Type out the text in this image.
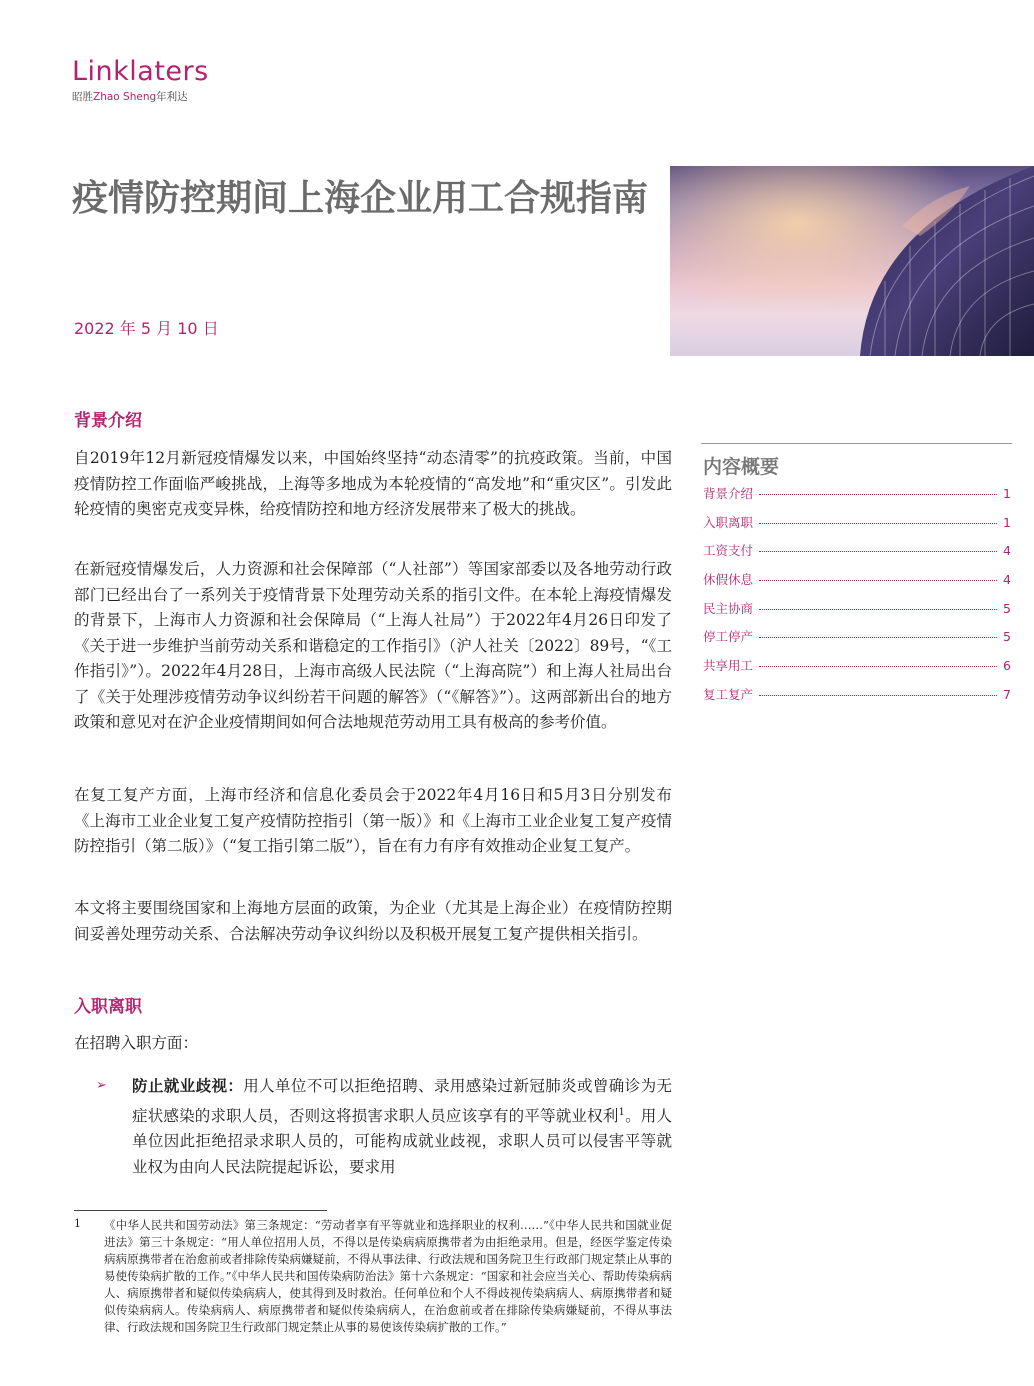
Linklaters
昭胜Zhao Sheng年利达
疫情防控期间上海企业用工合规指南
2022 年 5 月 10 日
背景介绍
自2019年12月新冠疫情爆发以来，中国始终坚持“动态清零”的抗疫政策。当前，中国疫情防控工作面临严峻挑战，上海等多地成为本轮疫情的“高发地”和“重灾区”。引发此轮疫情的奥密克戎变异株，给疫情防控和地方经济发展带来了极大的挑战。
在新冠疫情爆发后，人力资源和社会保障部（“人社部”）等国家部委以及各地劳动行政部门已经出台了一系列关于疫情背景下处理劳动关系的指引文件。在本轮上海疫情爆发的背景下，上海市人力资源和社会保障局（“上海人社局”）于2022年4月26日印发了《关于进一步维护当前劳动关系和谐稳定的工作指引》（沪人社关〔2022〕89号，“《工作指引》”）。2022年4月28日，上海市高级人民法院（“上海高院”）和上海人社局出台了《关于处理涉疫情劳动争议纠纷若干问题的解答》（“《解答》”）。这两部新出台的地方政策和意见对在沪企业疫情期间如何合法地规范劳动用工具有极高的参考价值。
在复工复产方面，上海市经济和信息化委员会于2022年4月16日和5月3日分别发布《上海市工业企业复工复产疫情防控指引（第一版）》和《上海市工业企业复工复产疫情防控指引（第二版）》（“复工指引第二版”），旨在有力有序有效推动企业复工复产。
本文将主要围绕国家和上海地方层面的政策，为企业（尤其是上海企业）在疫情防控期间妥善处理劳动关系、合法解决劳动争议纠纷以及积极开展复工复产提供相关指引。
入职离职
在招聘入职方面：
➢ 防止就业歧视：用人单位不可以拒绝招聘、录用感染过新冠肺炎或曾确诊为无症状感染的求职人员，否则这将损害求职人员应该享有的平等就业权利$^1$。用人单位因此拒绝招录求职人员的，可能构成就业歧视，求职人员可以侵害平等就业权为由向人民法院提起诉讼，要求用
内容概要
背景介绍	1
入职离职	1
工资支付	4
休假休息	4
民主协商	5
停工停产	5
共享用工	6
复工复产	7
1 《中华人民共和国劳动法》第三条规定：“劳动者享有平等就业和选择职业的权利……”《中华人民共和国就业促进法》第三十条规定：“用人单位招用人员，不得以是传染病病原携带者为由拒绝录用。但是，经医学鉴定传染病病原携带者在治愈前或者排除传染病嫌疑前，不得从事法律、行政法规和国务院卫生行政部门规定禁止从事的易使传染病扩散的工作。”《中华人民共和国传染病防治法》第十六条规定：“国家和社会应当关心、帮助传染病病人、病原携带者和疑似传染病病人，使其得到及时救治。任何单位和个人不得歧视传染病病人、病原携带者和疑似传染病病人。传染病病人、病原携带者和疑似传染病病人，在治愈前或者在排除传染病嫌疑前，不得从事法律、行政法规和国务院卫生行政部门规定禁止从事的易使该传染病扩散的工作。”
